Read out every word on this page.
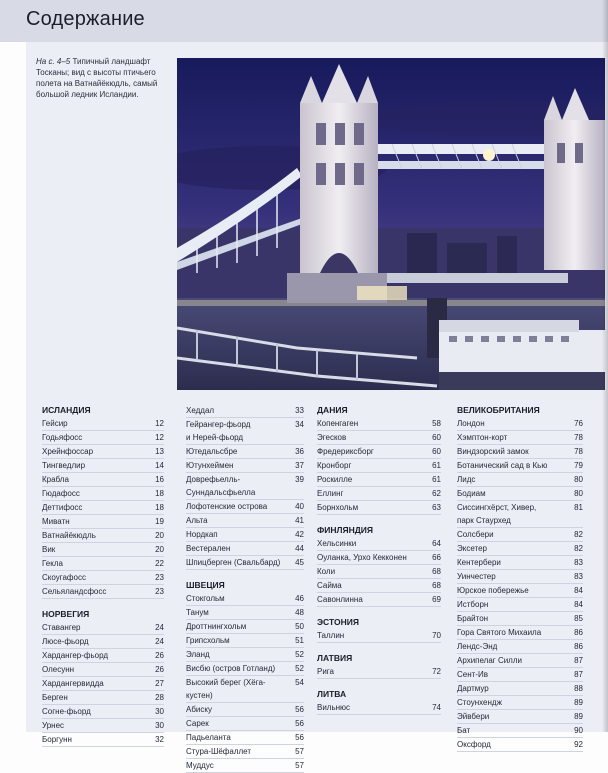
Содержание
На с. 4–5 Типичный ландшафт Тосканы; вид с высоты птичьего полета на Ватнайёкюдль, самый большой ледник Исландии.
ИСЛАНДИЯ
Гейсир	12
Годьяфосс	12
Хрейнфоссар	13
Тингведлир	14
Крабла	16
Гюдафосс	18
Деттифосс	18
Миватн	19
Ватнайёкюдль	20
Вик	20
Гекла	22
Скоугафосс	23
Сельяландсфосс	23
НОРВЕГИЯ
Ставангер	24
Люсе-фьорд	24
Хардангер-фьорд	26
Олесунн	26
Хардангервидда	27
Берген	28
Согне-фьорд	30
Урнес	30
Боргунн	32
Хеддал	33
Гейрангер-фьорд
и Нерей-фьорд
34
Ютедальсбре	36
Ютунхеймен	37
Доврефьелль-Сунндальсфьелла
39
Лофотенские острова	40
Альта	41
Нордкап	42
Вестерален	44
Шпицберген (Свальбард)	45
ШВЕЦИЯ
Стокгольм	46
Танум	48
Дроттнингхольм	50
Грипсхольм	51
Эланд	52
Висбю (остров Готланд)	52
Высокий берег (Хёга-кустен)
54
Абиску	56
Сарек	56
Падьеланта	56
Стура-Шёфаллет	57
Муддус	57
ДАНИЯ
Копенгаген	58
Эгесков	60
Фредериксборг	60
Кронборг	61
Роскилле	61
Еллинг	62
Борнхольм	63
ФИНЛЯНДИЯ
Хельсинки	64
Оуланка, Урхо Кекконен	66
Коли	68
Сайма	68
Савонлинна	69
ЭСТОНИЯ
Таллин	70
ЛАТВИЯ
Рига	72
ЛИТВА
Вильнюс	74
ВЕЛИКОБРИТАНИЯ
Лондон	76
Хэмптон-корт	78
Виндзорский замок	78
Ботанический сад в Кью	79
Лидс	80
Бодиам	80
Сиссингхёрст, Хивер,
парк Стаурхед
81
Солсбери	82
Эксетер	82
Кентербери	83
Уинчестер	83
Юрское побережье	84
Истборн	84
Брайтон	85
Гора Святого Михаила	86
Лендс-Энд	86
Архипелаг Силли	87
Сент-Ив	87
Дартмур	88
Стоунхендж	89
Эйвбери	89
Бат	90
Оксфорд	92
